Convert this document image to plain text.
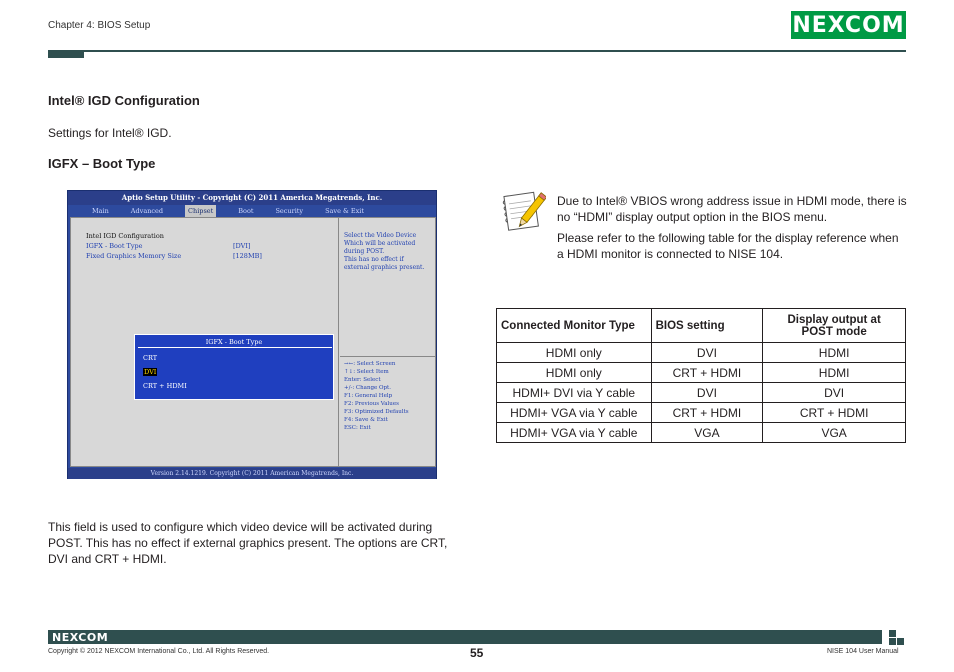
Chapter 4: BIOS Setup	NEXCOM
Intel® IGD Configuration
Settings for Intel® IGD.
IGFX – Boot Type
Aptio Setup Utility - Copyright (C) 2011 America Megatrends, Inc.
Main	Advanced	Chipset	Boot	Security	Save & Exit
Intel IGD Configuration
IGFX - Boot Type	[DVI]
Fixed Graphics Memory Size	[128MB]
Select the Video Device
Which will be activated
during POST.
This has no effect if
external graphics present.
→←: Select Screen
↑↓: Select Item
Enter: Select
+/-: Change Opt.
F1: General Help
F2: Previous Values
F3: Optimized Defaults
F4: Save & Exit
ESC: Exit
IGFX - Boot Type
CRT
DVI
CRT + HDMI
Version 2.14.1219. Copyright (C) 2011 American Megatrends, Inc.
This field is used to configure which video device will be activated during POST. This has no effect if external graphics present. The options are CRT, DVI and CRT + HDMI.
Due to Intel® VBIOS wrong address issue in HDMI mode, there is no “HDMI” display output option in the BIOS menu.
Please refer to the following table for the display reference when a HDMI monitor is connected to NISE 104.
Connected Monitor Type	BIOS setting	Display output at POST mode
HDMI only	DVI	HDMI
HDMI only	CRT + HDMI	HDMI
HDMI+ DVI via Y cable	DVI	DVI
HDMI+ VGA via Y cable	CRT + HDMI	CRT + HDMI
HDMI+ VGA via Y cable	VGA	VGA
NEXCOM
Copyright © 2012 NEXCOM International Co., Ltd. All Rights Reserved.	55	NISE 104 User Manual
